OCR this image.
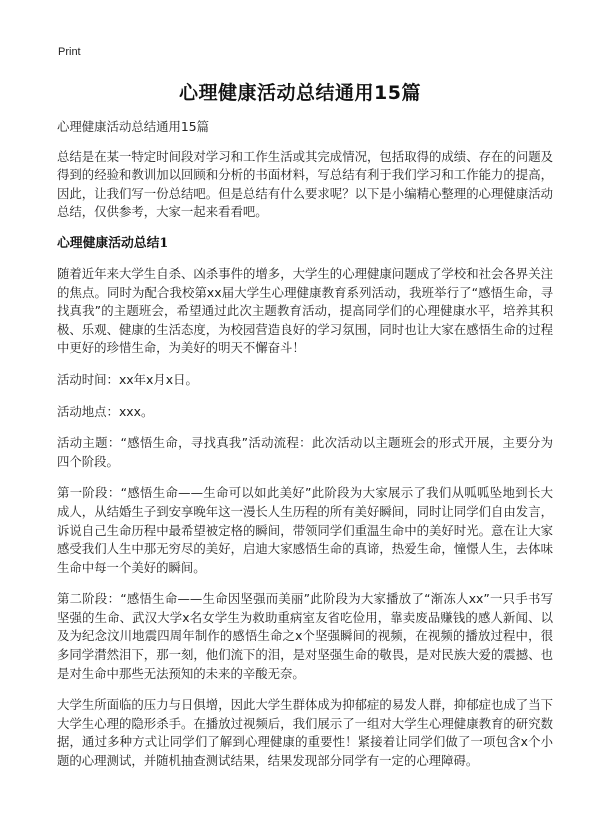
Print
心理健康活动总结通用15篇

心理健康活动总结通用15篇

总结是在某一特定时间段对学习和工作生活或其完成情况，包括取得的成绩、存在的问题及得到的经验和教训加以回顾和分析的书面材料，写总结有利于我们学习和工作能力的提高，因此，让我们写一份总结吧。但是总结有什么要求呢？以下是小编精心整理的心理健康活动总结，仅供参考，大家一起来看看吧。

心理健康活动总结1

随着近年来大学生自杀、凶杀事件的增多，大学生的心理健康问题成了学校和社会各界关注的焦点。同时为配合我校第xx届大学生心理健康教育系列活动，我班举行了“感悟生命，寻找真我”的主题班会，希望通过此次主题教育活动，提高同学们的心理健康水平，培养其积极、乐观、健康的生活态度，为校园营造良好的学习氛围，同时也让大家在感悟生命的过程中更好的珍惜生命，为美好的明天不懈奋斗！

活动时间：xx年x月x日。

活动地点：xxx。

活动主题：“感悟生命，寻找真我”活动流程：此次活动以主题班会的形式开展，主要分为四个阶段。

第一阶段：“感悟生命——生命可以如此美好”此阶段为大家展示了我们从呱呱坠地到长大成人，从结婚生子到安享晚年这一漫长人生历程的所有美好瞬间，同时让同学们自由发言，诉说自己生命历程中最希望被定格的瞬间，带领同学们重温生命中的美好时光。意在让大家感受我们人生中那无穷尽的美好，启迪大家感悟生命的真谛，热爱生命，憧憬人生，去体味生命中每一个美好的瞬间。

第二阶段：“感悟生命——生命因坚强而美丽”此阶段为大家播放了“渐冻人xx”一只手书写坚强的生命、武汉大学x名女学生为救助重病室友省吃俭用，靠卖废品赚钱的感人新闻、以及为纪念汶川地震四周年制作的感悟生命之x个坚强瞬间的视频，在视频的播放过程中，很多同学潸然泪下，那一刻，他们流下的泪，是对坚强生命的敬畏，是对民族大爱的震撼、也是对生命中那些无法预知的未来的辛酸无奈。

大学生所面临的压力与日俱增，因此大学生群体成为抑郁症的易发人群，抑郁症也成了当下大学生心理的隐形杀手。在播放过视频后，我们展示了一组对大学生心理健康教育的研究数据，通过多种方式让同学们了解到心理健康的重要性！紧接着让同学们做了一项包含x个小题的心理测试，并随机抽查测试结果，结果发现部分同学有一定的心理障碍。
